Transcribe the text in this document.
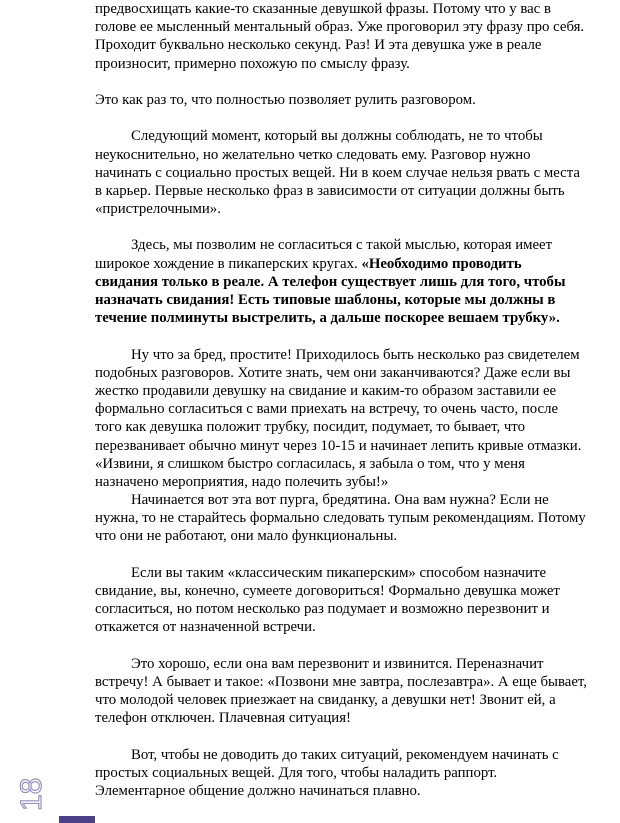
предвосхищать какие-то сказанные девушкой фразы. Потому что у вас в
голове ее мысленный ментальный образ. Уже проговорил эту фразу про себя.
Проходит буквально несколько секунд. Раз! И эта девушка уже в реале
произносит, примерно похожую по смыслу фразу.
Это как раз то, что полностью позволяет рулить разговором.
Следующий момент, который вы должны соблюдать, не то чтобы
неукоснительно, но желательно четко следовать ему. Разговор нужно
начинать с социально простых вещей. Ни в коем случае нельзя рвать с места
в карьер. Первые несколько фраз в зависимости от ситуации должны быть
«пристрелочными».
Здесь, мы позволим не согласиться с такой мыслью, которая имеет
широкое хождение в пикаперских кругах. «Необходимо проводить
свидания только в реале. А телефон существует лишь для того, чтобы
назначать свидания! Есть типовые шаблоны, которые мы должны в
течение полминуты выстрелить, а дальше поскорее вешаем трубку».
Ну что за бред, простите! Приходилось быть несколько раз свидетелем
подобных разговоров. Хотите знать, чем они заканчиваются? Даже если вы
жестко продавили девушку на свидание и каким-то образом заставили ее
формально согласиться с вами приехать на встречу, то очень часто, после
того как девушка положит трубку, посидит, подумает, то бывает, что
перезванивает обычно минут через 10-15 и начинает лепить кривые отмазки.
«Извини, я слишком быстро согласилась, я забыла о том, что у меня
назначено мероприятия, надо полечить зубы!»
Начинается вот эта вот пурга, бредятина. Она вам нужна? Если не
нужна, то не старайтесь формально следовать тупым рекомендациям. Потому
что они не работают, они мало функциональны.
Если вы таким «классическим пикаперским» способом назначите
свидание, вы, конечно, сумеете договориться! Формально девушка может
согласиться, но потом несколько раз подумает и возможно перезвонит и
откажется от назначенной встречи.
Это хорошо, если она вам перезвонит и извинится. Переназначит
встречу! А бывает и такое: «Позвони мне завтра, послезавтра». А еще бывает,
что молодой человек приезжает на свиданку, а девушки нет! Звонит ей, а
телефон отключен. Плачевная ситуация!
Вот, чтобы не доводить до таких ситуаций, рекомендуем начинать с
простых социальных вещей. Для того, чтобы наладить раппорт.
Элементарное общение должно начинаться плавно.
18
